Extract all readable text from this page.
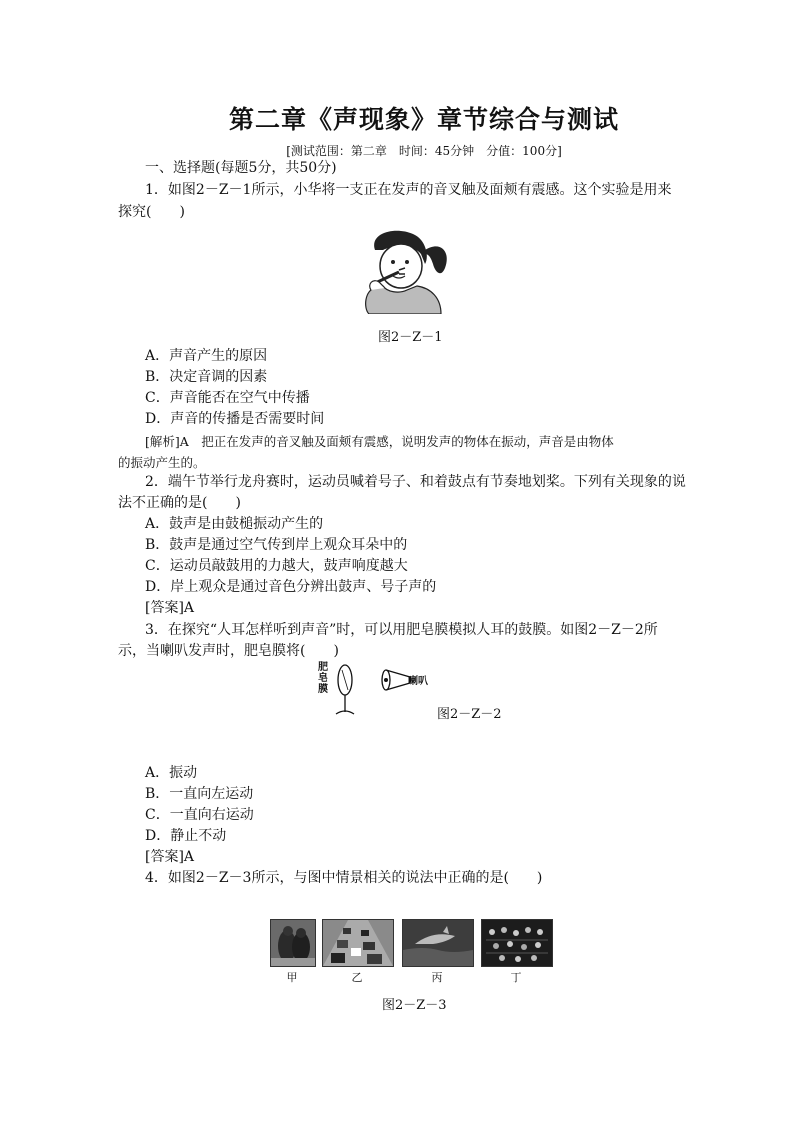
第二章《声现象》章节综合与测试
[测试范围：第二章　时间：45分钟　分值：100分]
一、选择题(每题5分，共50分)
1．如图2－Z－1所示，小华将一支正在发声的音叉触及面颊有震感。这个实验是用来
探究(　　)
图2－Z－1
A．声音产生的原因
B．决定音调的因素
C．声音能否在空气中传播
D．声音的传播是否需要时间
[解析]A　把正在发声的音叉触及面颊有震感，说明发声的物体在振动，声音是由物体
的振动产生的。
2．端午节举行龙舟赛时，运动员喊着号子、和着鼓点有节奏地划桨。下列有关现象的说
法不正确的是(　　)
A．鼓声是由鼓槌振动产生的
B．鼓声是通过空气传到岸上观众耳朵中的
C．运动员敲鼓用的力越大，鼓声响度越大
D．岸上观众是通过音色分辨出鼓声、号子声的
[答案]A
3．在探究“人耳怎样听到声音”时，可以用肥皂膜模拟人耳的鼓膜。如图2－Z－2所
示，当喇叭发声时，肥皂膜将(　　)
肥皂膜
喇叭
图2－Z－2
A．振动
B．一直向左运动
C．一直向右运动
D．静止不动
[答案]A
4．如图2－Z－3所示，与图中情景相关的说法中正确的是(　　)
甲	乙	丙	丁
图2－Z－3
